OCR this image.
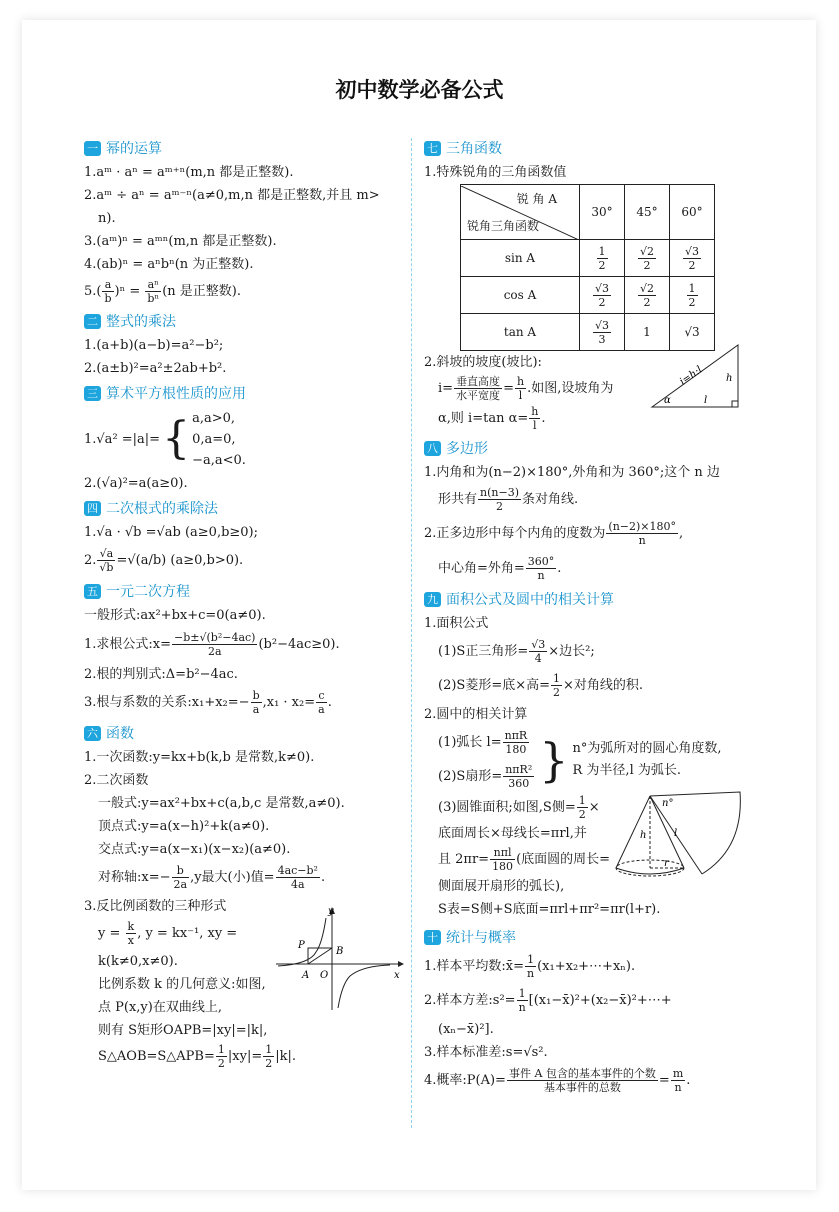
初中数学必备公式
一 幂的运算
1.aᵐ · aⁿ = aᵐ⁺ⁿ(m,n 都是正整数).
2.aᵐ ÷ aⁿ = aᵐ⁻ⁿ(a≠0,m,n 都是正整数,并且 m>
n).
3.(aᵐ)ⁿ = aᵐⁿ(m,n 都是正整数).
4.(ab)ⁿ = aⁿbⁿ(n 为正整数).
$5.( \frac{a}{b} )^n = \frac{\text{aⁿ}}{\text{bⁿ}} (n$ 是正整数).
二 整式的乘法
1.(a+b)(a−b)=a²−b²;
2.(a±b)²=a²±2ab+b².
三 算术平方根性质的应用
1.√a² =|a|= { a,a>0,
0,a=0,
−a,a<0.
2.(√a)²=a(a≥0).
四 二次根式的乘除法
1.√a · √b =√ab (a≥0,b≥0);
2. $\frac{√a}{√b} =√(a/b)$ (a≥0,b>0).
五 一元二次方程
一般形式:ax²+bx+c=0(a≠0).
1.求根公式:x= $\frac{\text{−b±√(b²−4ac)}}{2a} (b^2-4ac\ge 0)$.
2.根的判别式:Δ=b²−4ac.
3.根与系数的关系:x₁+x₂=− $\frac{b}{a} ,x_1 \cdot x_2= \frac{c}{a}$ .
六 函数
1.一次函数:y=kx+b(k,b 是常数,k≠0).
2.二次函数
一般式:y=ax²+bx+c(a,b,c 是常数,a≠0).
顶点式:y=a(x−h)²+k(a≠0).
交点式:y=a(x−x₁)(x−x₂)(a≠0).
对称轴:x=− $\frac{b}{2a} ,y$最大(小)值= $\frac{\text{4ac−b²}}{4a}$ .
3.反比例函数的三种形式
$y = \frac{k}{x}$ , y = kx⁻¹, xy =
k(k≠0,x≠0).
比例系数 k 的几何意义:如图,
点 P(x,y)在双曲线上,
则有 S矩形OAPB=|xy|=|k|,
S△AOB=S△APB= $\frac{1}{2} |xy|= \frac{1}{2} |k|$.
y
x
P
B
A O
七 三角函数
1.特殊锐角的三角函数值
锐 角 A
锐角三角函数	30°	45°	60°
sin A	$\frac{1}{2}$	$\frac{√2}{2}$	$\frac{√3}{2}$

cos A	$\frac{√3}{2}$	$\frac{√2}{2}$	$\frac{1}{2}$

tan A	$\frac{√3}{3}$	1	√3
2.斜坡的坡度(坡比):
$i= \frac{\text{垂直高度}}{\text{水平宽度}} = \frac{h}{l}$ .如图,设坡角为
α,则 i=tan $\alpha= \frac{h}{l}$ .
i=h:l h
α	l
八 多边形
1.内角和为(n−2)×180°,外角和为 360°;这个 n 边
形共有 $\frac{n(n-3)}{2}$ 条对角线.
2.正多边形中每个内角的度数为 $\frac{(n-2)\times 180^\circ}{n}$ ,
中心角=外角= $\frac{360^\circ}{n}$ .
九 面积公式及圆中的相关计算
1.面积公式
(1)S正三角形= $\frac{√3}{4}$ ×边长²;
(2)S菱形=底×高= $\frac{1}{2}$ ×对角线的积.
2.圆中的相关计算
(1)弧长 $l= \frac{\text{nπR}}{180}$
(2)S扇形= $\frac{\text{nπR²}}{360}$ } n°为弧所对的圆心角度数,
R 为半径,l 为弧长.
(3)圆锥面积;如图,S侧= $\frac{1}{2}$ ×
底面周长×母线长=πrl,并
且 $2\pi r= \frac{\text{nπl}}{180}$ (底面圆的周长=
侧面展开扇形的弧长),
S表=S侧+S底面=πrl+πr²=πr(l+r).
n°
h	l
r
十 统计与概率
1.样本平均数:x̄= $\frac{1}{n}$ (x₁+x₂+⋯+xₙ).
2.样本方差:s²= $\frac{1}{n}$ [(x₁−x̄)²+(x₂−x̄)²+⋯+
(xₙ−x̄)²].
3.样本标准差:s=√s².
4.概率:P(A)= $\frac{\text{事件 A 包含的基本事件的个数}}{\text{基本事件的总数}} = \frac{m}{n}$ .
